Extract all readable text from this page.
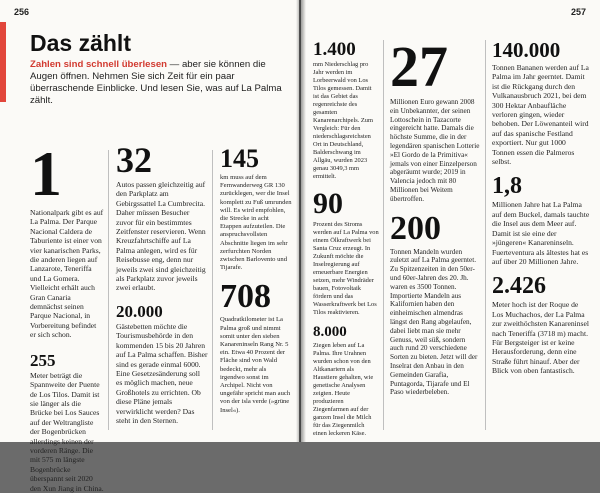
256
Das zählt
Zahlen sind schnell überlesen — aber sie können die Augen öffnen. Nehmen Sie sich Zeit für ein paar überraschende Einblicke. Und lesen Sie, was auf La Palma zählt.
1
Nationalpark gibt es auf La Palma. Der Parque Nacional Caldera de Taburiente ist einer von vier kanarischen Parks, die anderen liegen auf Lanzarote, Teneriffa und La Gomera. Vielleicht erhält auch Gran Canaria demnächst seinen Parque Nacional, in Vorbereitung befindet er sich schon.
255
Meter beträgt die Spannweite der Puente de Los Tilos. Damit ist sie länger als die Brücke bei Los Sauces auf der Weltrangliste der Bogenbrücken allerdings keinen der vorderen Ränge. Die mit 575 m längste Bogenbrücke überspannt seit 2020 den Xun Jiang in China.
32
Autos passen gleichzeitig auf den Parkplatz am Gebirgssattel La Cumbrecita. Daher müssen Besucher zuvor für ein bestimmtes Zeitfenster reservieren. Wenn Kreuzfahrtschiffe auf La Palma anlegen, wird es für Reisebusse eng, denn nur jeweils zwei sind gleichzeitig als Parkplatz zuvor jeweils zwei erlaubt.
20.000
Gästebetten möchte die Tourismusbehörde in den kommenden 15 bis 20 Jahren auf La Palma schaffen. Bisher sind es gerade einmal 6000. Eine Gesetzesänderung soll es möglich machen, neue Großhotels zu errichten. Ob diese Pläne jemals verwirklicht werden? Das steht in den Sternen.
145
km muss auf dem Fernwanderweg GR 130 zurücklegen, wer die Insel komplett zu Fuß umrunden will. Es wird empfohlen, die Strecke in acht Etappen aufzuteilen. Die anspruchsvollsten Abschnitte liegen im sehr zerfurchten Norden zwischen Barlovento und Tijarafe.
708
Quadratkilometer ist La Palma groß und nimmt somit unter den sieben Kanareninseln Rang Nr. 5 ein. Etwa 40 Prozent der Fläche sind von Wald bedeckt, mehr als irgendwo sonst im Archipel. Nicht von ungefähr spricht man auch von der isla verde (»grüne Insel«).
257
1.400
mm Niederschlag pro Jahr werden im Lorbeerwald von Los Tilos gemessen. Damit ist das Gebiet das regenreichste des gesamten Kanarenarchipels. Zum Vergleich: Für den niederschlagsreichsten Ort in Deutschland, Balderschwang im Allgäu, wurden 2023 genau 3049,3 mm ermittelt.
90
Prozent des Stroms werden auf La Palma von einem Ölkraftwerk bei Santa Cruz erzeugt. In Zukunft möchte die Inselregierung auf erneuerbare Energien setzen, mehr Windräder bauen, Fotovoltaik fördern und das Wasserkraftwerk bei Los Tilos reaktivieren.
8.000
Ziegen leben auf La Palma. Ihre Urahnen wurden schon von den Altkanariern als Haustiere gehalten, wie genetische Analysen zeigten. Heute produzieren Ziegenfarmen auf der ganzen Insel die Milch für das Ziegenmilch einen leckeren Käse.
27
Millionen Euro gewann 2008 ein Unbekannter, der seinen Lottoschein in Tazacorte eingereicht hatte. Damals die höchste Summe, die in der legendären spanischen Lotterie »El Gordo de la Primitiva« jemals von einer Einzelperson abgeräumt wurde; 2019 in Valencia jedoch mit 80 Millionen bei Weitem übertroffen.
200
Tonnen Mandeln wurden zuletzt auf La Palma geerntet. Zu Spitzenzeiten in den 50er- und 60er-Jahren des 20. Jh. waren es 3500 Tonnen. Importierte Mandeln aus Kalifornien haben den einheimischen almendras längst den Rang abgelaufen, dabei liebt man sie mehr Genuss, weil süß, sondern auch rund 20 verschiedene Sorten zu bieten. Jetzt will der Inselrat den Anbau in den Gemeinden Garafia, Puntagorda, Tijarafe und El Paso wiederbeleben.
140.000
Tonnen Bananen werden auf La Palma im Jahr geerntet. Damit ist die Rückgang durch den Vulkanausbruch 2021, bei dem 300 Hektar Anbaufläche verloren gingen, wieder behoben. Der Löwenanteil wird auf das spanische Festland exportiert. Nur gut 1000 Tonnen essen die Palmeros selbst.
1,8
Millionen Jahre hat La Palma auf dem Buckel, damals tauchte die Insel aus dem Meer auf. Damit ist sie eine der »jüngeren« Kanareninseln. Fuerteventura als ältestes hat es auf über 20 Millionen Jahre.
2.426
Meter hoch ist der Roque de Los Muchachos, der La Palma zur zweithöchsten Kanareninsel nach Teneriffa (3718 m) macht. Für Bergsteiger ist er keine Herausforderung, denn eine Straße führt hinauf. Aber der Blick von oben fantastisch.
